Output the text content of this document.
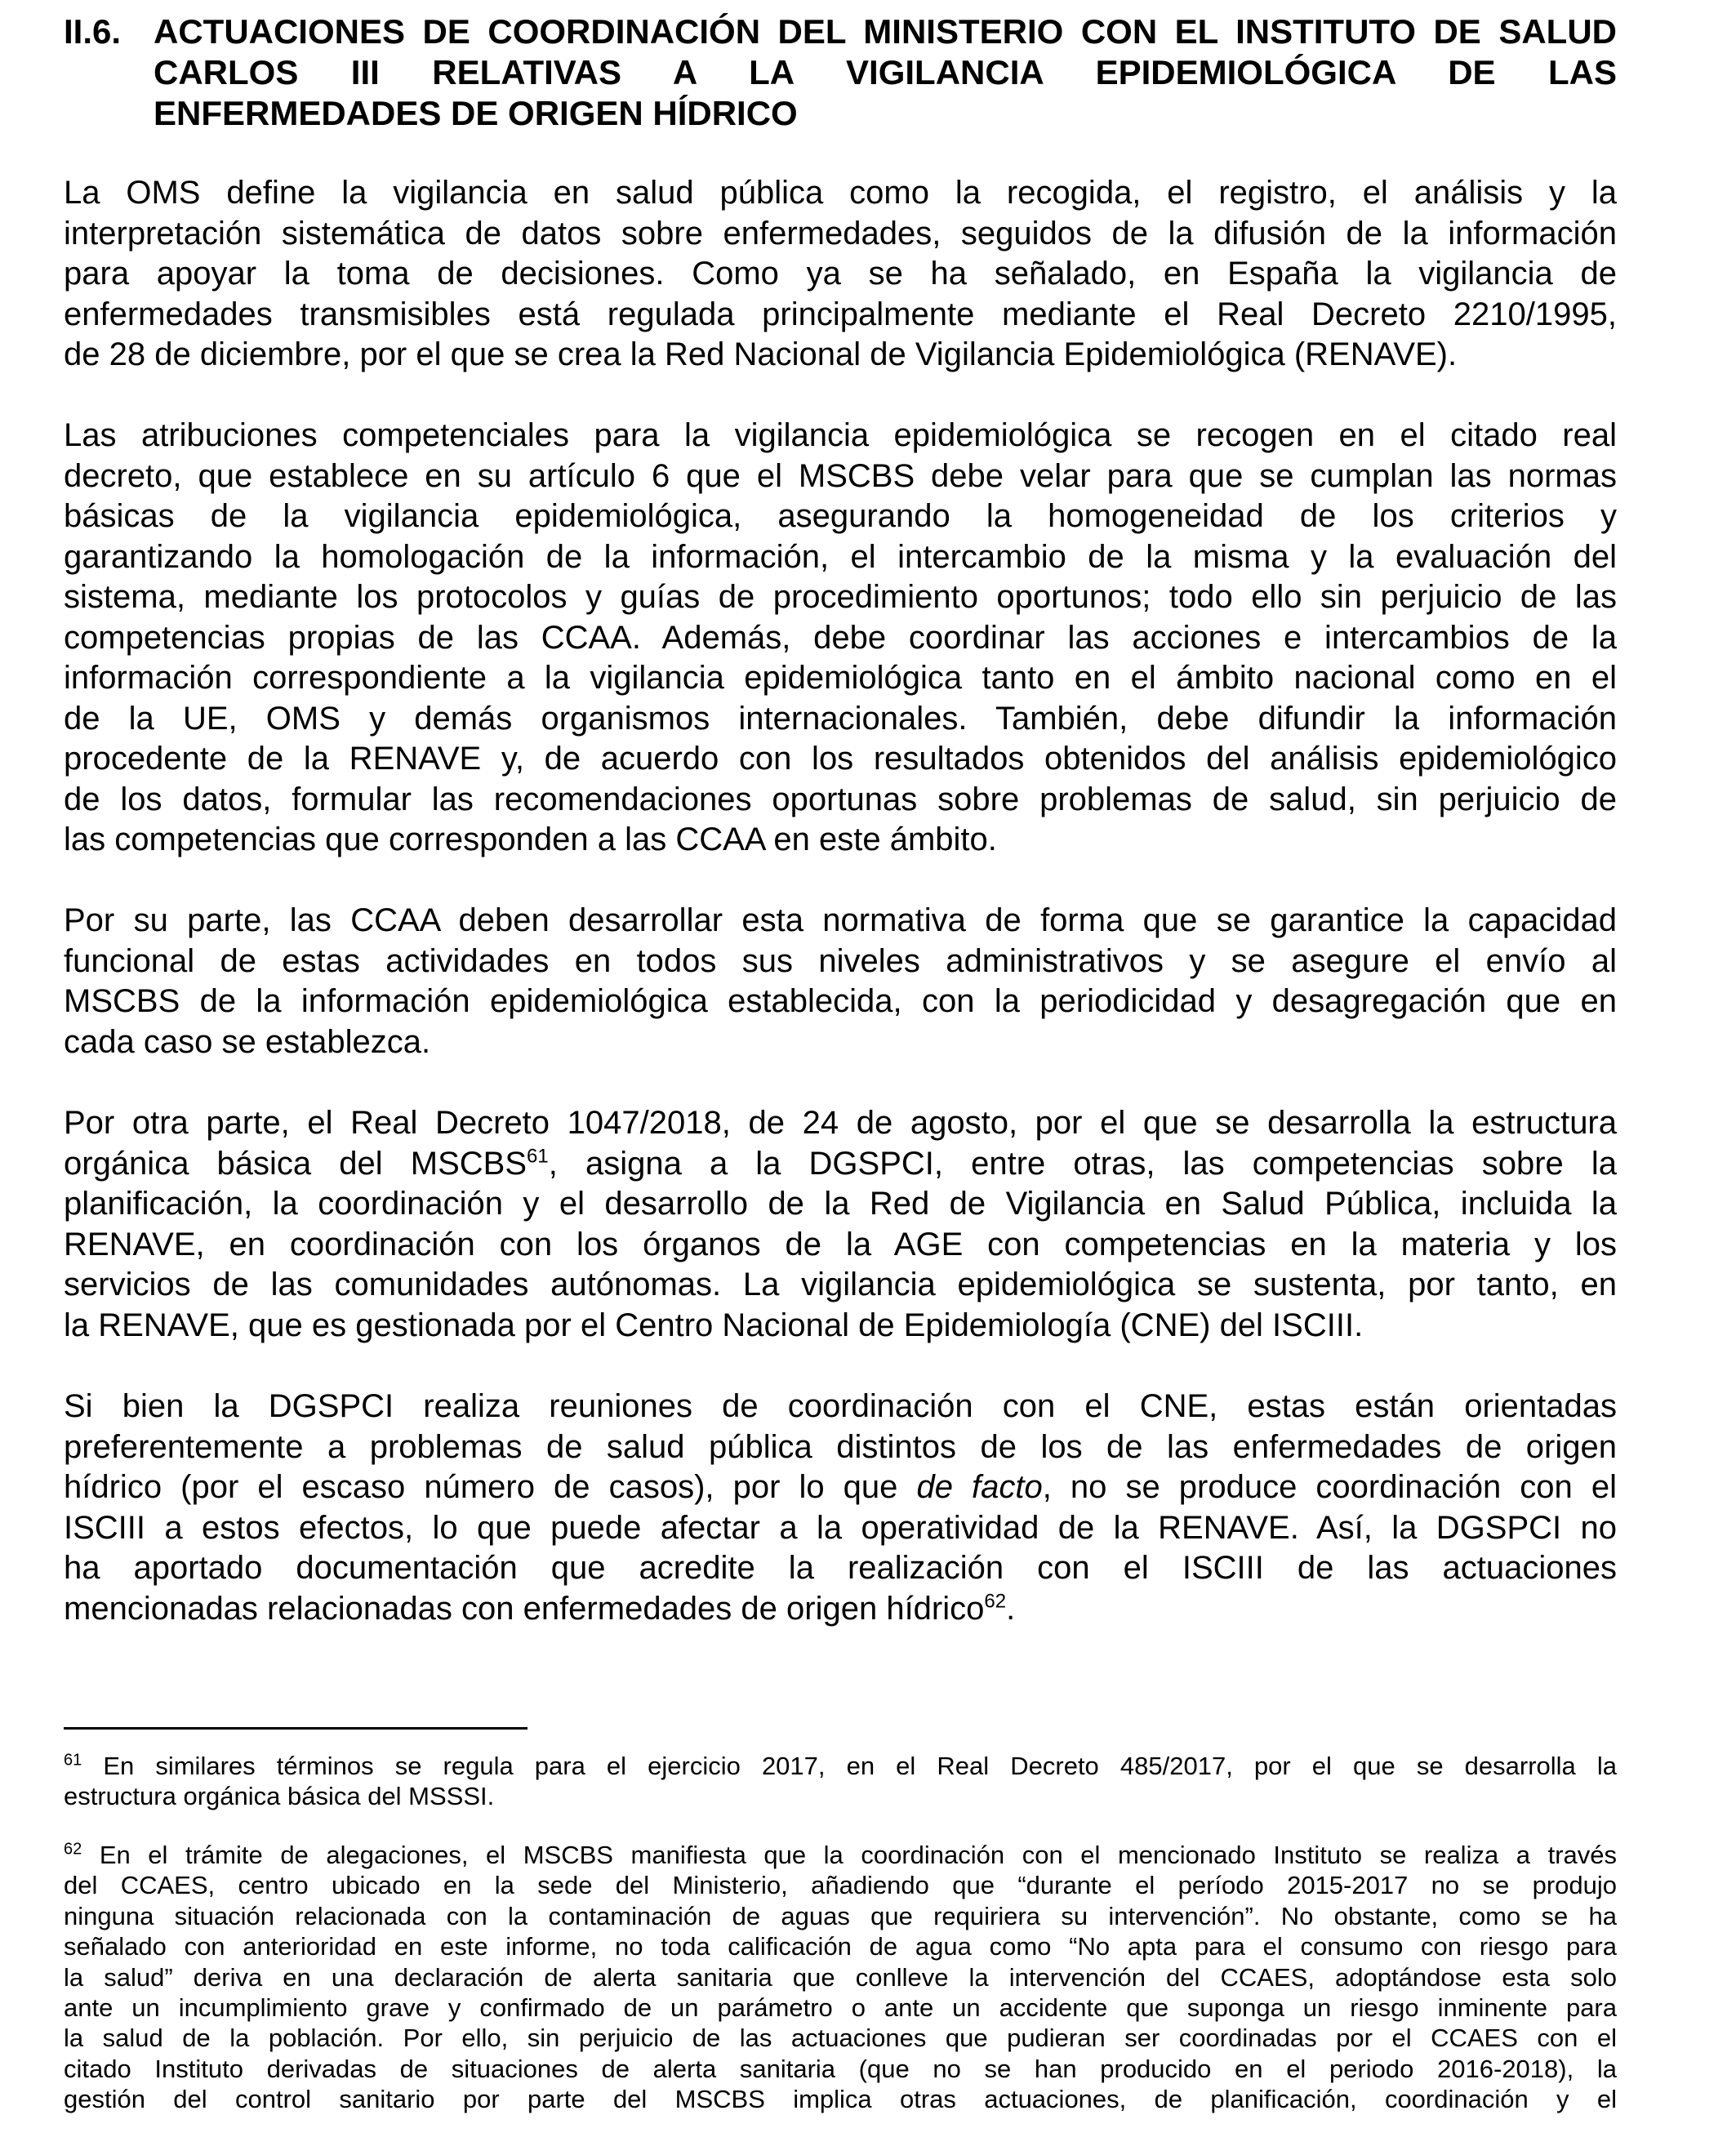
II.6. ACTUACIONES DE COORDINACIÓN DEL MINISTERIO CON EL INSTITUTO DE SALUD
CARLOS III RELATIVAS A LA VIGILANCIA EPIDEMIOLÓGICA DE LAS
ENFERMEDADES DE ORIGEN HÍDRICO
La OMS define la vigilancia en salud pública como la recogida, el registro, el análisis y la
interpretación sistemática de datos sobre enfermedades, seguidos de la difusión de la información
para apoyar la toma de decisiones. Como ya se ha señalado, en España la vigilancia de
enfermedades transmisibles está regulada principalmente mediante el Real Decreto 2210/1995,
de 28 de diciembre, por el que se crea la Red Nacional de Vigilancia Epidemiológica (RENAVE).
Las atribuciones competenciales para la vigilancia epidemiológica se recogen en el citado real
decreto, que establece en su artículo 6 que el MSCBS debe velar para que se cumplan las normas
básicas de la vigilancia epidemiológica, asegurando la homogeneidad de los criterios y
garantizando la homologación de la información, el intercambio de la misma y la evaluación del
sistema, mediante los protocolos y guías de procedimiento oportunos; todo ello sin perjuicio de las
competencias propias de las CCAA. Además, debe coordinar las acciones e intercambios de la
información correspondiente a la vigilancia epidemiológica tanto en el ámbito nacional como en el
de la UE, OMS y demás organismos internacionales. También, debe difundir la información
procedente de la RENAVE y, de acuerdo con los resultados obtenidos del análisis epidemiológico
de los datos, formular las recomendaciones oportunas sobre problemas de salud, sin perjuicio de
las competencias que corresponden a las CCAA en este ámbito.
Por su parte, las CCAA deben desarrollar esta normativa de forma que se garantice la capacidad
funcional de estas actividades en todos sus niveles administrativos y se asegure el envío al
MSCBS de la información epidemiológica establecida, con la periodicidad y desagregación que en
cada caso se establezca.
Por otra parte, el Real Decreto 1047/2018, de 24 de agosto, por el que se desarrolla la estructura
orgánica básica del MSCBS$^{61}$, asigna a la DGSPCI, entre otras, las competencias sobre la
planificación, la coordinación y el desarrollo de la Red de Vigilancia en Salud Pública, incluida la
RENAVE, en coordinación con los órganos de la AGE con competencias en la materia y los
servicios de las comunidades autónomas. La vigilancia epidemiológica se sustenta, por tanto, en
la RENAVE, que es gestionada por el Centro Nacional de Epidemiología (CNE) del ISCIII.
Si bien la DGSPCI realiza reuniones de coordinación con el CNE, estas están orientadas
preferentemente a problemas de salud pública distintos de los de las enfermedades de origen
hídrico (por el escaso número de casos), por lo que de facto, no se produce coordinación con el
ISCIII a estos efectos, lo que puede afectar a la operatividad de la RENAVE. Así, la DGSPCI no
ha aportado documentación que acredite la realización con el ISCIII de las actuaciones
mencionadas relacionadas con enfermedades de origen hídrico$^{62}$.
$^{61}$ En similares términos se regula para el ejercicio 2017, en el Real Decreto 485/2017, por el que se desarrolla la
estructura orgánica básica del MSSSI.
$^{62}$ En el trámite de alegaciones, el MSCBS manifiesta que la coordinación con el mencionado Instituto se realiza a través
del CCAES, centro ubicado en la sede del Ministerio, añadiendo que “durante el período 2015-2017 no se produjo
ninguna situación relacionada con la contaminación de aguas que requiriera su intervención”. No obstante, como se ha
señalado con anterioridad en este informe, no toda calificación de agua como “No apta para el consumo con riesgo para
la salud” deriva en una declaración de alerta sanitaria que conlleve la intervención del CCAES, adoptándose esta solo
ante un incumplimiento grave y confirmado de un parámetro o ante un accidente que suponga un riesgo inminente para
la salud de la población. Por ello, sin perjuicio de las actuaciones que pudieran ser coordinadas por el CCAES con el
citado Instituto derivadas de situaciones de alerta sanitaria (que no se han producido en el periodo 2016-2018), la
gestión del control sanitario por parte del MSCBS implica otras actuaciones, de planificación, coordinación y el
